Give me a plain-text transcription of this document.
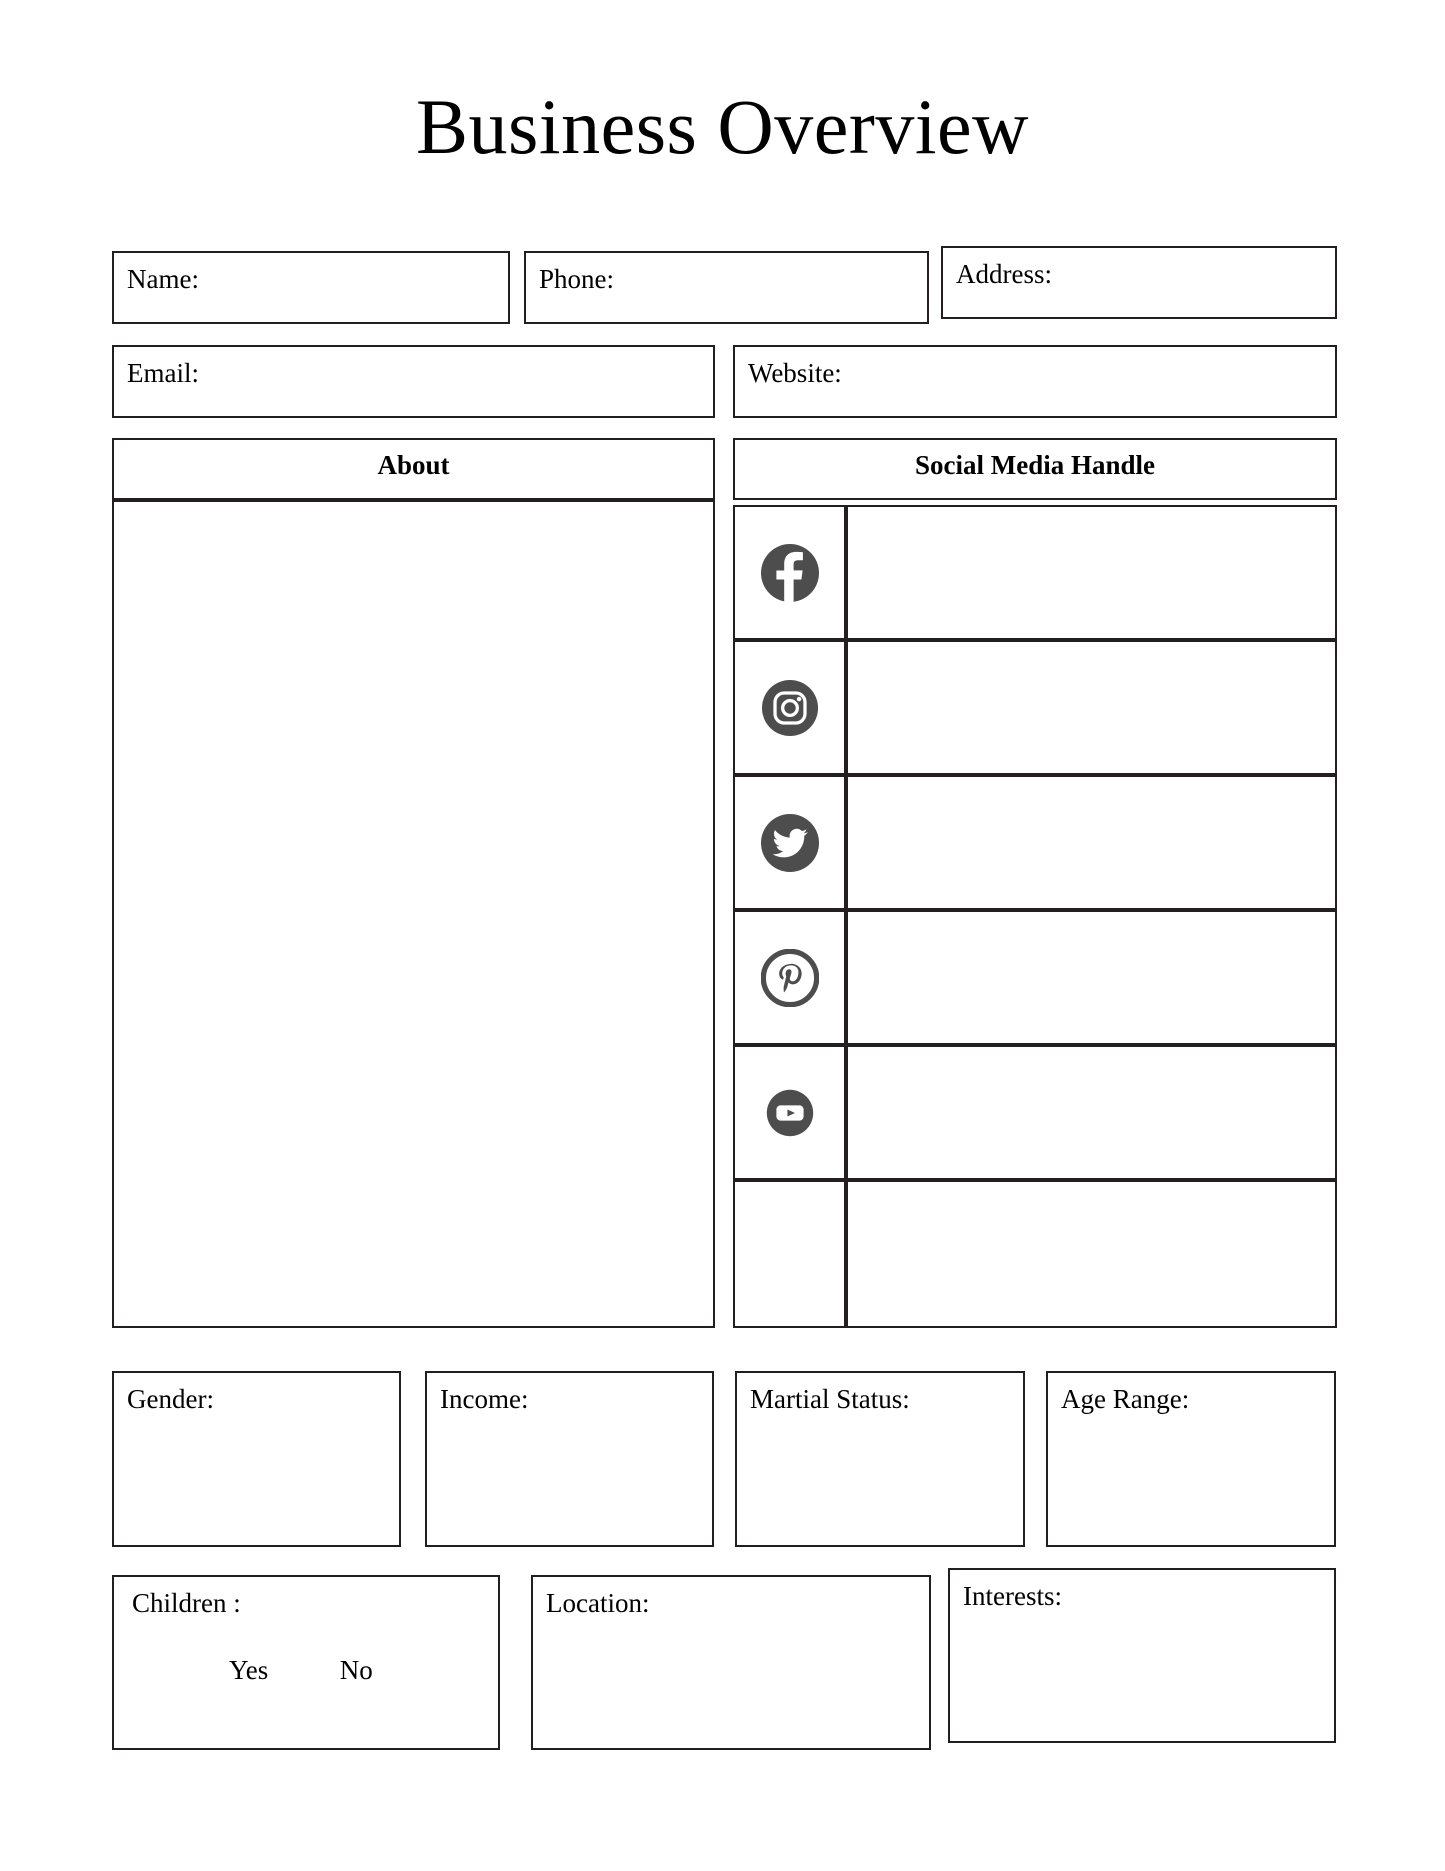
Business Overview
Name:	Phone:	Address:
Email:	Website:
About	Social Media Handle
Gender:	Income:	Martial Status:	Age Range:
Children :
Yes	No
Location:	Interests:
